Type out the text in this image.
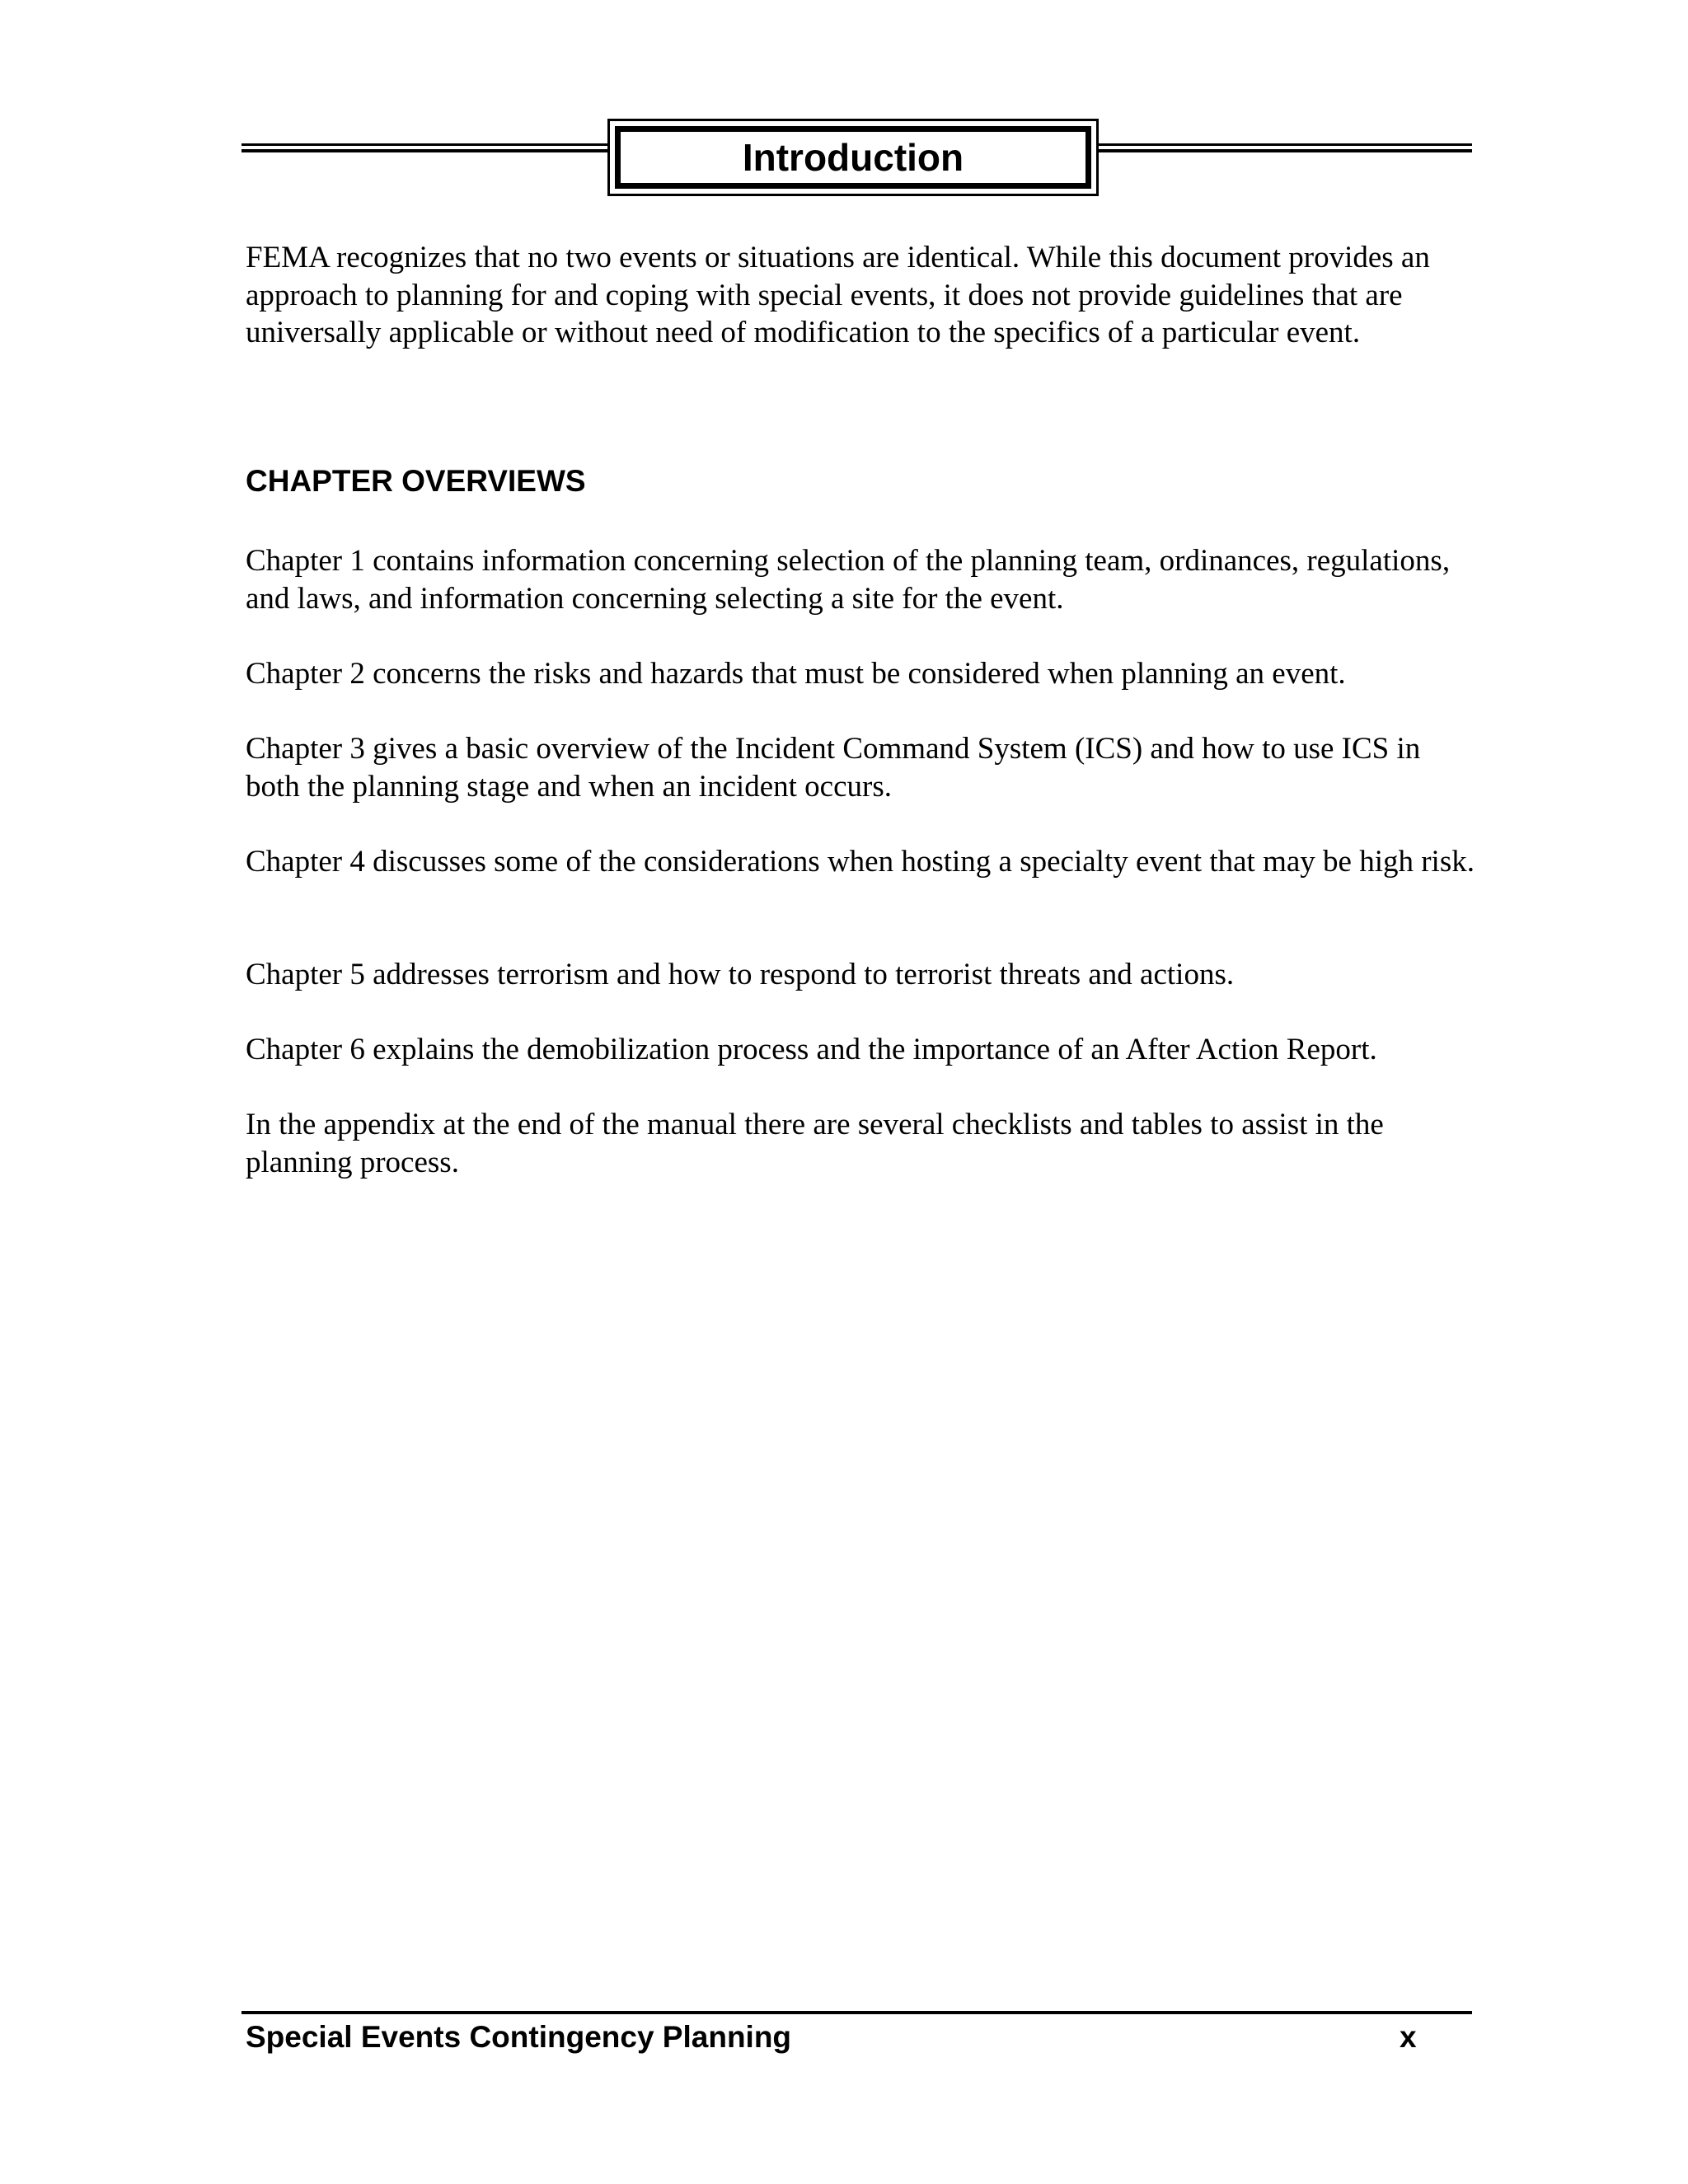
Introduction

FEMA recognizes that no two events or situations are identical. While this document provides an approach to planning for and coping with special events, it does not provide guidelines that are universally applicable or without need of modification to the specifics of a particular event.

CHAPTER OVERVIEWS

Chapter 1 contains information concerning selection of the planning team, ordinances, regulations, and laws, and information concerning selecting a site for the event.

Chapter 2 concerns the risks and hazards that must be considered when planning an event.

Chapter 3 gives a basic overview of the Incident Command System (ICS) and how to use ICS in both the planning stage and when an incident occurs.

Chapter 4 discusses some of the considerations when hosting a specialty event that may be high risk.

Chapter 5 addresses terrorism and how to respond to terrorist threats and actions.

Chapter 6 explains the demobilization process and the importance of an After Action Report.

In the appendix at the end of the manual there are several checklists and tables to assist in the planning process.

Special Events Contingency Planning	x
